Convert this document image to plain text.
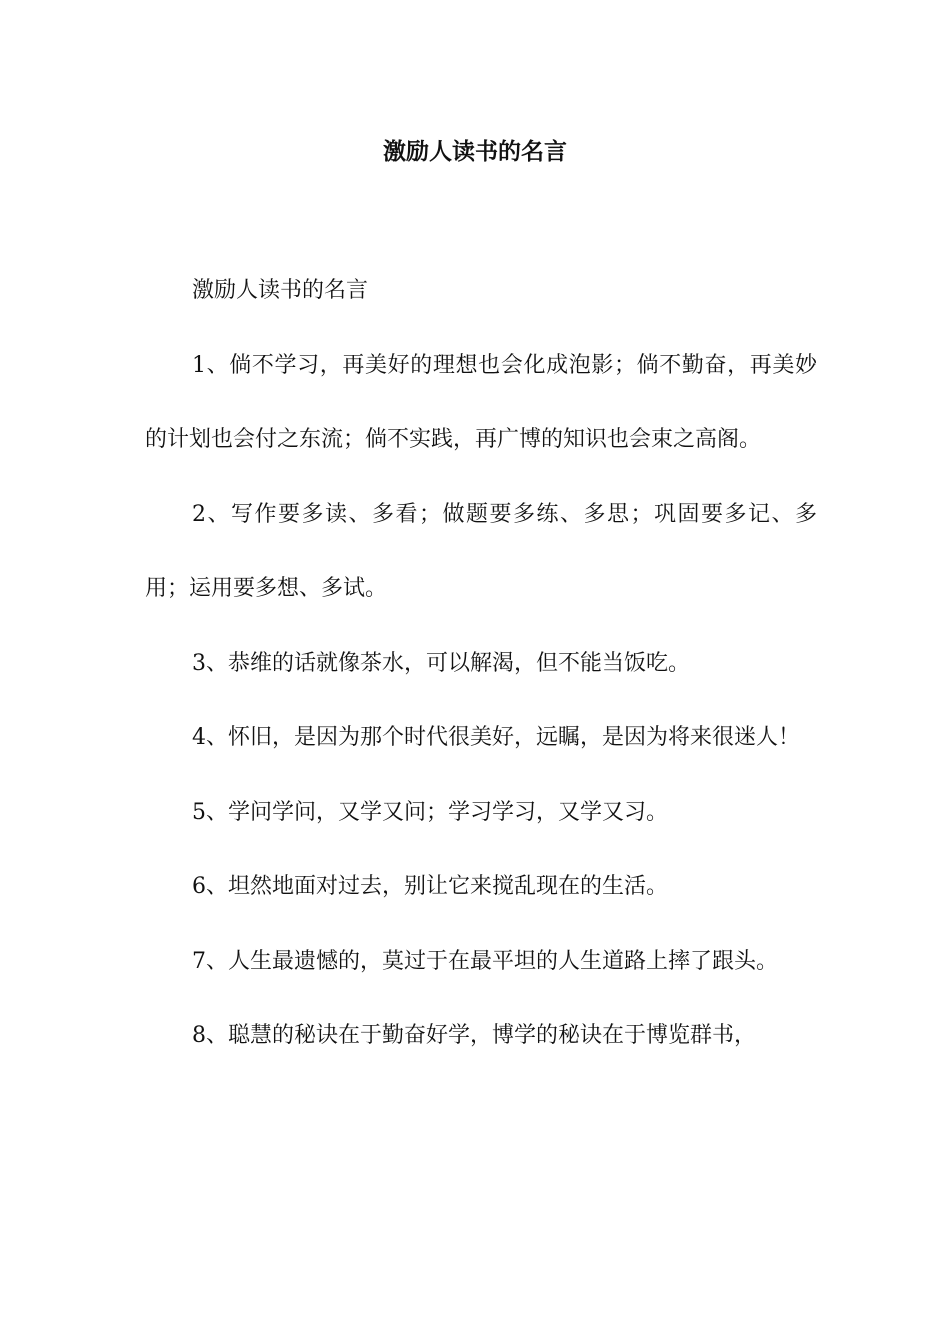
激励人读书的名言

激励人读书的名言

1、倘不学习，再美好的理想也会化成泡影；倘不勤奋，再美妙的计划也会付之东流；倘不实践，再广博的知识也会束之高阁。

2、写作要多读、多看；做题要多练、多思；巩固要多记、多用；运用要多想、多试。

3、恭维的话就像茶水，可以解渴，但不能当饭吃。

4、怀旧，是因为那个时代很美好，远瞩，是因为将来很迷人！

5、学问学问，又学又问；学习学习，又学又习。

6、坦然地面对过去，别让它来搅乱现在的生活。

7、人生最遗憾的，莫过于在最平坦的人生道路上摔了跟头。

8、聪慧的秘诀在于勤奋好学，博学的秘诀在于博览群书，
